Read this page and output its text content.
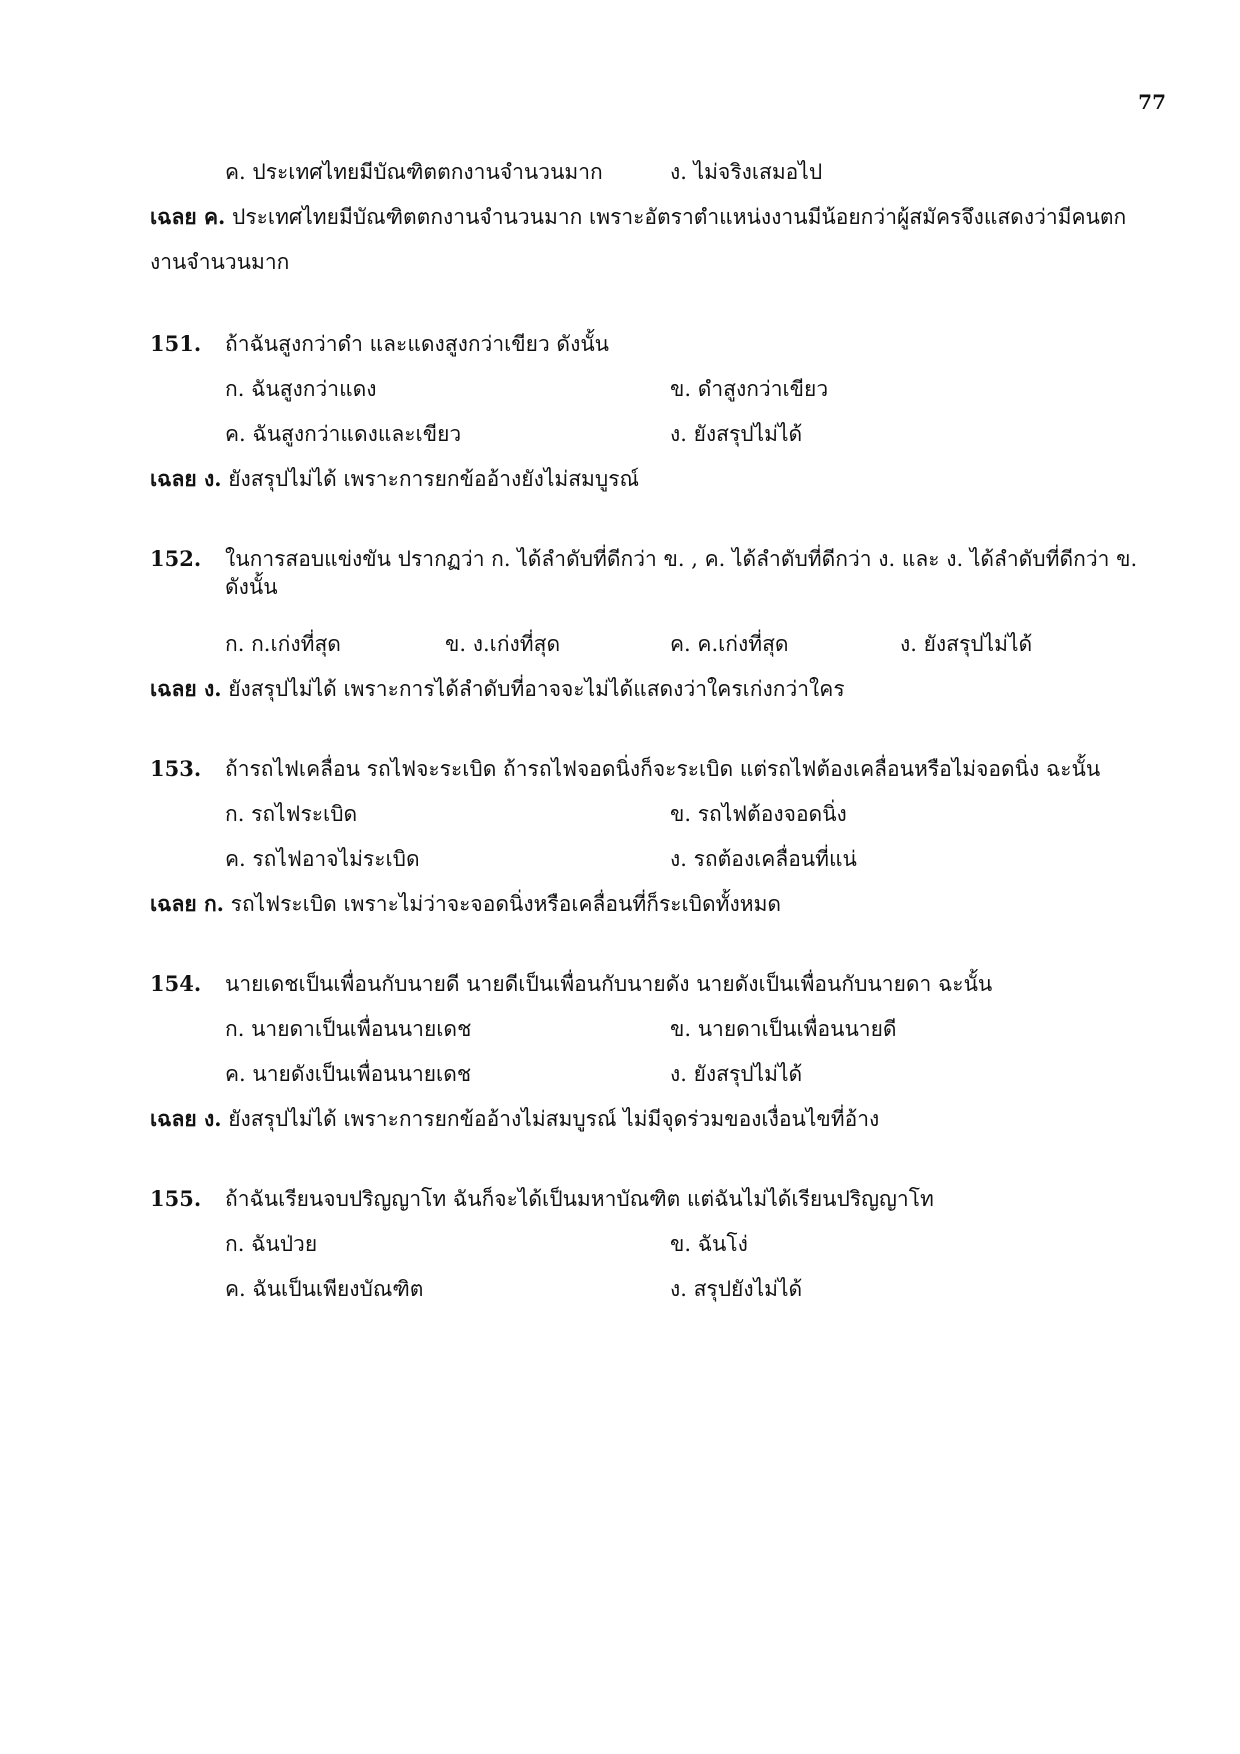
77
ค. ประเทศไทยมีบัณฑิตตกงานจำนวนมาก	ง. ไม่จริงเสมอไป
เฉลย ค. ประเทศไทยมีบัณฑิตตกงานจำนวนมาก เพราะอัตราตำแหน่งงานมีน้อยกว่าผู้สมัครจึงแสดงว่ามีคนตก
งานจำนวนมาก
151. ถ้าฉันสูงกว่าดำ และแดงสูงกว่าเขียว ดังนั้น
ก. ฉันสูงกว่าแดง	ข. ดำสูงกว่าเขียว
ค. ฉันสูงกว่าแดงและเขียว	ง. ยังสรุปไม่ได้
เฉลย ง. ยังสรุปไม่ได้ เพราะการยกข้ออ้างยังไม่สมบูรณ์
152. ในการสอบแข่งขัน ปรากฏว่า ก. ได้ลำดับที่ดีกว่า ข. , ค. ได้ลำดับที่ดีกว่า ง. และ ง. ได้ลำดับที่ดีกว่า ข. ดังนั้น
ก. ก.เก่งที่สุด	ข. ง.เก่งที่สุด	ค. ค.เก่งที่สุด	ง. ยังสรุปไม่ได้
เฉลย ง. ยังสรุปไม่ได้ เพราะการได้ลำดับที่อาจจะไม่ได้แสดงว่าใครเก่งกว่าใคร
153. ถ้ารถไฟเคลื่อน รถไฟจะระเบิด ถ้ารถไฟจอดนิ่งก็จะระเบิด แต่รถไฟต้องเคลื่อนหรือไม่จอดนิ่ง ฉะนั้น
ก. รถไฟระเบิด	ข. รถไฟต้องจอดนิ่ง
ค. รถไฟอาจไม่ระเบิด	ง. รถต้องเคลื่อนที่แน่
เฉลย ก. รถไฟระเบิด เพราะไม่ว่าจะจอดนิ่งหรือเคลื่อนที่ก็ระเบิดทั้งหมด
154. นายเดชเป็นเพื่อนกับนายดี นายดีเป็นเพื่อนกับนายดัง นายดังเป็นเพื่อนกับนายดา ฉะนั้น
ก. นายดาเป็นเพื่อนนายเดช	ข. นายดาเป็นเพื่อนนายดี
ค. นายดังเป็นเพื่อนนายเดช	ง. ยังสรุปไม่ได้
เฉลย ง. ยังสรุปไม่ได้ เพราะการยกข้ออ้างไม่สมบูรณ์ ไม่มีจุดร่วมของเงื่อนไขที่อ้าง
155. ถ้าฉันเรียนจบปริญญาโท ฉันก็จะได้เป็นมหาบัณฑิต แต่ฉันไม่ได้เรียนปริญญาโท
ก. ฉันป่วย	ข. ฉันโง่
ค. ฉันเป็นเพียงบัณฑิต	ง. สรุปยังไม่ได้
